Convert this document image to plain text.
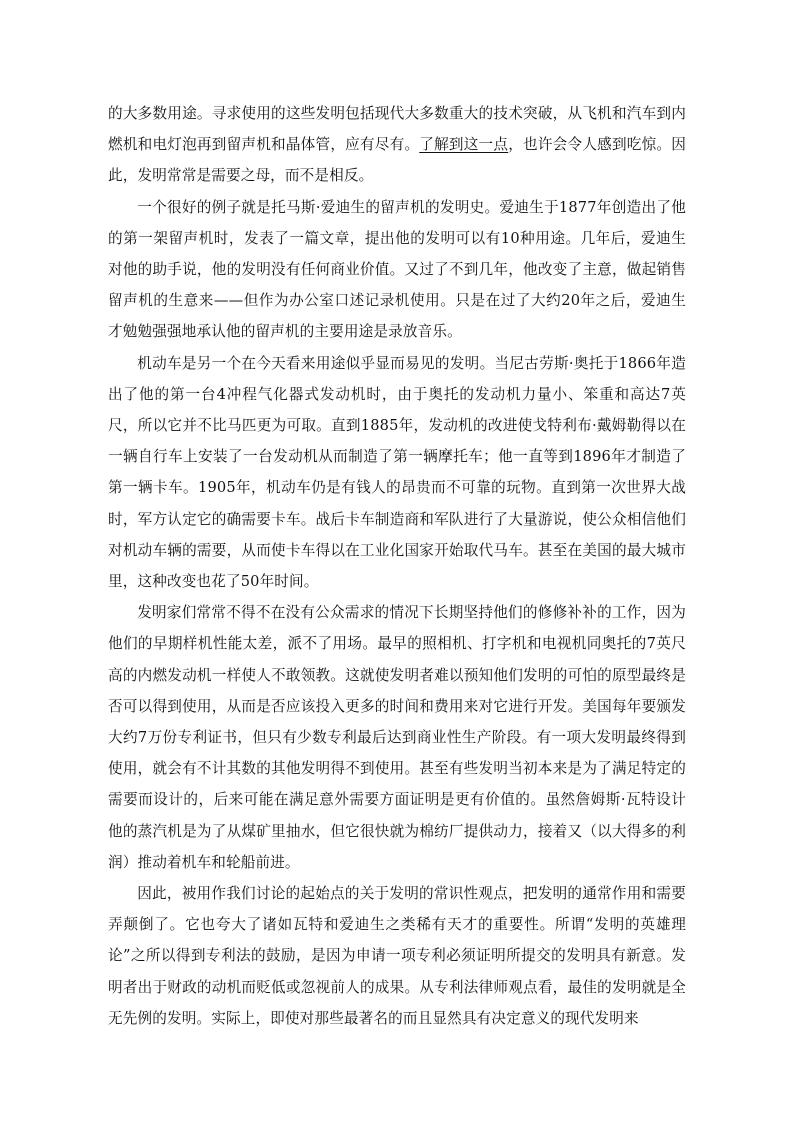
的大多数用途。寻求使用的这些发明包括现代大多数重大的技术突破，从飞机和汽车到内燃机和电灯泡再到留声机和晶体管，应有尽有。了解到这一点，也许会令人感到吃惊。因此，发明常常是需要之母，而不是相反。

一个很好的例子就是托马斯·爱迪生的留声机的发明史。爱迪生于1877年创造出了他的第一架留声机时，发表了一篇文章，提出他的发明可以有10种用途。几年后，爱迪生对他的助手说，他的发明没有任何商业价值。又过了不到几年，他改变了主意，做起销售留声机的生意来——但作为办公室口述记录机使用。只是在过了大约20年之后，爱迪生才勉勉强强地承认他的留声机的主要用途是录放音乐。

机动车是另一个在今天看来用途似乎显而易见的发明。当尼古劳斯·奥托于1866年造出了他的第一台4冲程气化器式发动机时，由于奥托的发动机力量小、笨重和高达7英尺，所以它并不比马匹更为可取。直到1885年，发动机的改进使戈特利布·戴姆勒得以在一辆自行车上安装了一台发动机从而制造了第一辆摩托车；他一直等到1896年才制造了第一辆卡车。1905年，机动车仍是有钱人的昂贵而不可靠的玩物。直到第一次世界大战时，军方认定它的确需要卡车。战后卡车制造商和军队进行了大量游说，使公众相信他们对机动车辆的需要，从而使卡车得以在工业化国家开始取代马车。甚至在美国的最大城市里，这种改变也花了50年时间。

发明家们常常不得不在没有公众需求的情况下长期坚持他们的修修补补的工作，因为他们的早期样机性能太差，派不了用场。最早的照相机、打字机和电视机同奥托的7英尺高的内燃发动机一样使人不敢领教。这就使发明者难以预知他们发明的可怕的原型最终是否可以得到使用，从而是否应该投入更多的时间和费用来对它进行开发。美国每年要颁发大约7万份专利证书，但只有少数专利最后达到商业性生产阶段。有一项大发明最终得到使用，就会有不计其数的其他发明得不到使用。甚至有些发明当初本来是为了满足特定的需要而设计的，后来可能在满足意外需要方面证明是更有价值的。虽然詹姆斯·瓦特设计他的蒸汽机是为了从煤矿里抽水，但它很快就为棉纺厂提供动力，接着又（以大得多的利润）推动着机车和轮船前进。

因此，被用作我们讨论的起始点的关于发明的常识性观点，把发明的通常作用和需要弄颠倒了。它也夸大了诸如瓦特和爱迪生之类稀有天才的重要性。所谓“发明的英雄理论”之所以得到专利法的鼓励，是因为申请一项专利必须证明所提交的发明具有新意。发明者出于财政的动机而贬低或忽视前人的成果。从专利法律师观点看，最佳的发明就是全无先例的发明。实际上，即使对那些最著名的而且显然具有决定意义的现代发明来
